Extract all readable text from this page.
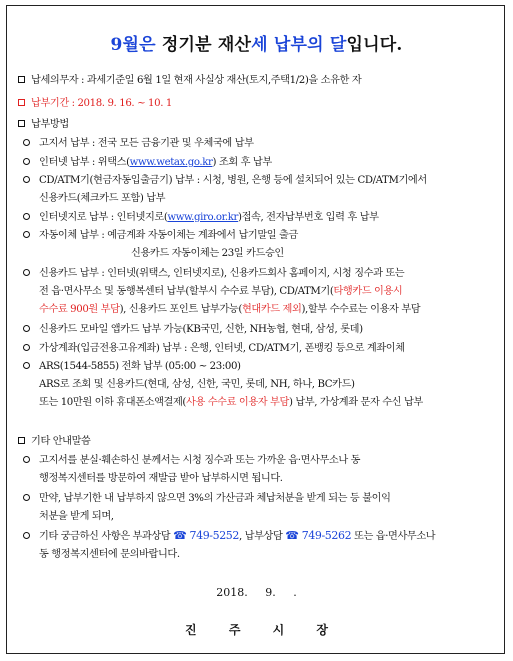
9월은 정기분 재산세 납부의 달입니다.
납세의무자 : 과세기준일 6월 1일 현재 사실상 재산(토지,주택1/2)을 소유한 자
납부기간 : 2018. 9. 16. ~ 10. 1
납부방법
고지서 납부 : 전국 모든 금융기관 및 우체국에 납부
인터넷 납부 : 위택스(www.wetax.go.kr) 조회 후 납부
CD/ATM기(현금자동입출금기) 납부 : 시청, 병원, 은행 등에 설치되어 있는 CD/ATM기에서
신용카드(체크카드 포함) 납부
인터넷지로 납부 : 인터넷지로(www.giro.or.kr)접속, 전자납부번호 입력 후 납부
자동이체 납부 : 예금계좌 자동이체는 계좌에서 납기말일 출금
신용카드 자동이체는 23일 카드승인
신용카드 납부 : 인터넷(위택스, 인터넷지로), 신용카드회사 홈페이지, 시청 징수과 또는
전 읍·면사무소 및 동행복센터 납부(할부시 수수료 부담), CD/ATM기(타행카드 이용시
수수료 900원 부담), 신용카드 포인트 납부가능(현대카드 제외),할부 수수료는 이용자 부담
신용카드 모바일 앱카드 납부 가능(KB국민, 신한, NH농협, 현대, 삼성, 롯데)
가상계좌(입금전용고유계좌) 납부 : 은행, 인터넷, CD/ATM기, 폰뱅킹 등으로 계좌이체
ARS(1544-5855) 전화 납부 (05:00 ~ 23:00)
ARS로 조회 및 신용카드(현대, 삼성, 신한, 국민, 롯데, NH, 하나, BC카드)
또는 10만원 이하 휴대폰소액결제(사용 수수료 이용자 부담) 납부, 가상계좌 문자 수신 납부
기타 안내말씀
고지서를 분실·훼손하신 분께서는 시청 징수과 또는 가까운 읍·면사무소나 동
행정복지센터를 방문하여 재발급 받아 납부하시면 됩니다.
만약, 납부기한 내 납부하지 않으면 3%의 가산금과 체납처분을 받게 되는 등 불이익
처분을 받게 되며,
기타 궁금하신 사항은 부과상담 ☎ 749-5252, 납부상담 ☎ 749-5262 또는 읍·면사무소나
동 행정복지센터에 문의바랍니다.
2018.     9.     .
진 주 시 장
